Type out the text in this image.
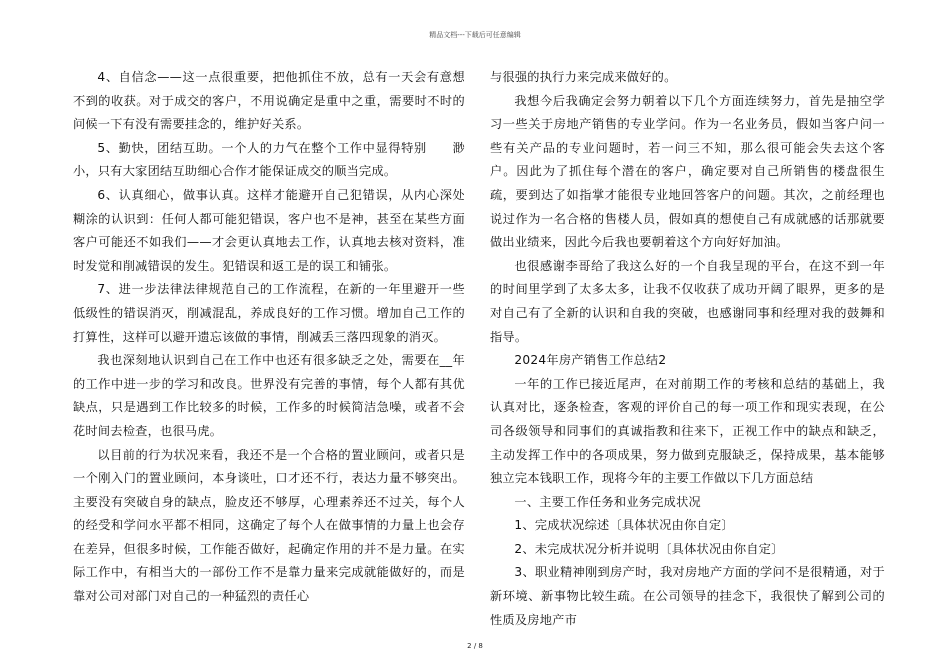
精品文档---下载后可任意编辑

4、自信念——这一点很重要，把他抓住不放，总有一天会有意想不到的收获。对于成交的客户，不用说确定是重中之重，需要时不时的问候一下有没有需要挂念的，维护好关系。

5、勤快，团结互助。一个人的力气在整个工作中显得特别　　渺小，只有大家团结互助细心合作才能保证成交的顺当完成。

6、认真细心，做事认真。这样才能避开自己犯错误，从内心深处糊涂的认识到：任何人都可能犯错误，客户也不是神，甚至在某些方面客户可能还不如我们——才会更认真地去工作，认真地去核对资料，准时发觉和削减错误的发生。犯错误和返工是的误工和铺张。

7、进一步法律法律规范自己的工作流程，在新的一年里避开一些低级性的错误消灭，削减混乱，养成良好的工作习惯。增加自己工作的打算性，这样可以避开遗忘该做的事情，削减丢三落四现象的消灭。

我也深刻地认识到自己在工作中也还有很多缺乏之处，需要在__年的工作中进一步的学习和改良。世界没有完善的事情，每个人都有其优缺点，只是遇到工作比较多的时候，工作多的时候简洁急噪，或者不会花时间去检查，也很马虎。

以目前的行为状况来看，我还不是一个合格的置业顾问，或者只是一个刚入门的置业顾问，本身谈吐，口才还不行，表达力量不够突出。主要没有突破自身的缺点，脸皮还不够厚，心理素养还不过关，每个人的经受和学问水平都不相同，这确定了每个人在做事情的力量上也会存在差异，但很多时候，工作能否做好，起确定作用的并不是力量。在实际工作中，有相当大的一部份工作不是靠力量来完成就能做好的，而是靠对公司对部门对自己的一种猛烈的责任心

与很强的执行力来完成来做好的。

我想今后我确定会努力朝着以下几个方面连续努力，首先是抽空学习一些关于房地产销售的专业学问。作为一名业务员，假如当客户问一些有关产品的专业问题时，若一问三不知，那么很可能会失去这个客户。因此为了抓住每个潜在的客户，确定要对自己所销售的楼盘很生疏，要到达了如指掌才能很专业地回答客户的问题。其次，之前经理也说过作为一名合格的售楼人员，假如真的想使自己有成就感的话那就要做出业绩来，因此今后我也要朝着这个方向好好加油。

也很感谢李哥给了我这么好的一个自我呈现的平台，在这不到一年的时间里学到了太多太多，让我不仅收获了成功开阔了眼界，更多的是对自己有了全新的认识和自我的突破，也感谢同事和经理对我的鼓舞和指导。

2024年房产销售工作总结2

一年的工作已接近尾声，在对前期工作的考核和总结的基础上，我认真对比，逐条检查，客观的评价自己的每一项工作和现实表现，在公司各级领导和同事们的真诚指教和往来下，正视工作中的缺点和缺乏，主动发挥工作中的各项成果，努力做到克服缺乏，保持成果，基本能够独立完本钱职工作，现将今年的主要工作做以下几方面总结

一、主要工作任务和业务完成状况

1、完成状况综述〔具体状况由你自定〕

2、未完成状况分析并说明〔具体状况由你自定〕

3、职业精神刚到房产时，我对房地产方面的学问不是很精通，对于新环境、新事物比较生疏。在公司领导的挂念下，我很快了解到公司的性质及房地产市

2 / 8
